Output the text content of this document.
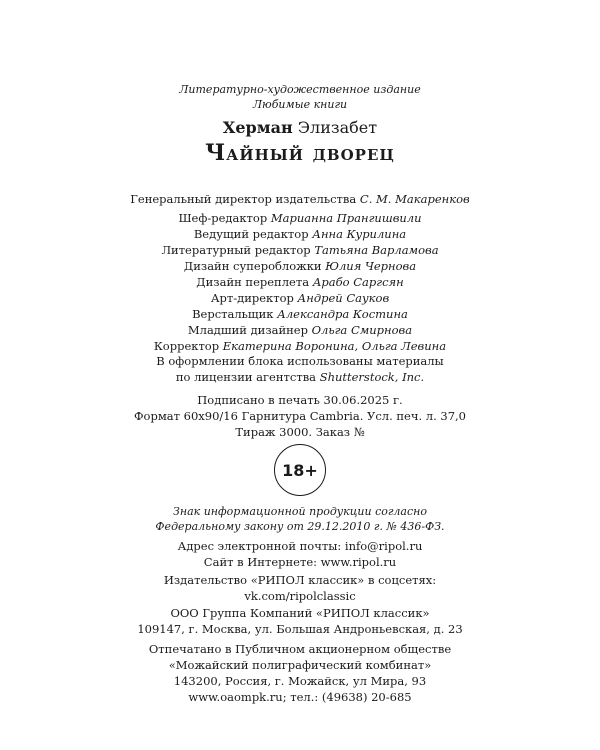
Литературно-художественное издание
Любимые книги
Херман Элизабет
Чайный дворец
Генеральный директор издательства С. М. Макаренков
Шеф-редактор Марианна Прангишвили
Ведущий редактор Анна Курилина
Литературный редактор Татьяна Варламова
Дизайн суперобложки Юлия Чернова
Дизайн переплета Арабо Саргсян
Арт-директор Андрей Сауков
Верстальщик Александра Костина
Младший дизайнер Ольга Смирнова
Корректор Екатерина Воронина, Ольга Левина
В оформлении блока использованы материалы
по лицензии агентства Shutterstock, Inc.
Подписано в печать 30.06.2025 г.
Формат 60х90/16 Гарнитура Cambria. Усл. печ. л. 37,0
Тираж 3000. Заказ №
18+
Знак информационной продукции согласно
Федеральному закону от 29.12.2010 г. № 436-ФЗ.
Адрес электронной почты: info@ripol.ru
Сайт в Интернете: www.ripol.ru
Издательство «РИПОЛ классик» в соцсетях:
vk.com/ripolclassic
ООО Группа Компаний «РИПОЛ классик»
109147, г. Москва, ул. Большая Андроньевская, д. 23
Отпечатано в Публичном акционерном обществе
«Можайский полиграфический комбинат»
143200, Россия, г. Можайск, ул Мира, 93
www.oaompk.ru; тел.: (49638) 20-685
